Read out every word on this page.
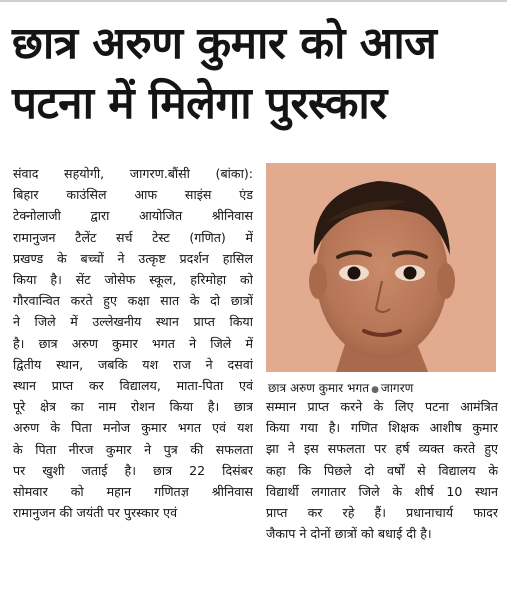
छात्र अरुण कुमार को आज
पटना में मिलेगा पुरस्कार
संवाद सहयोगी, जागरण.बौंसी (बांका):
बिहार काउंसिल आफ साइंस एंड
टेक्नोलाजी द्वारा आयोजित श्रीनिवास
रामानुजन टैलेंट सर्च टेस्ट (गणित) में
प्रखण्ड के बच्चों ने उत्कृष्ट प्रदर्शन हासिल
किया है। सेंट जोसेफ स्कूल, हरिमोहा को
गौरवान्वित करते हुए कक्षा सात के दो छात्रों
ने जिले में उल्लेखनीय स्थान प्राप्त किया
है। छात्र अरुण कुमार भगत ने जिले में
द्वितीय स्थान, जबकि यश राज ने दसवां
स्थान प्राप्त कर विद्यालय, माता-पिता एवं
पूरे क्षेत्र का नाम रोशन किया है। छात्र
अरुण के पिता मनोज कुमार भगत एवं यश
के पिता नीरज कुमार ने पुत्र की सफलता
पर खुशी जताई है। छात्र 22 दिसंबर
सोमवार को महान गणितज्ञ श्रीनिवास
रामानुजन की जयंती पर पुरस्कार एवं
छात्र अरुण कुमार भगत ● जागरण
सम्मान प्राप्त करने के लिए पटना आमंत्रित
किया गया है। गणित शिक्षक आशीष कुमार
झा ने इस सफलता पर हर्ष व्यक्त करते हुए
कहा कि पिछले दो वर्षों से विद्यालय के
विद्यार्थी लगातार जिले के शीर्ष 10 स्थान
प्राप्त कर रहे हैं। प्रधानाचार्य फादर
जैकाप ने दोनों छात्रों को बधाई दी है।
